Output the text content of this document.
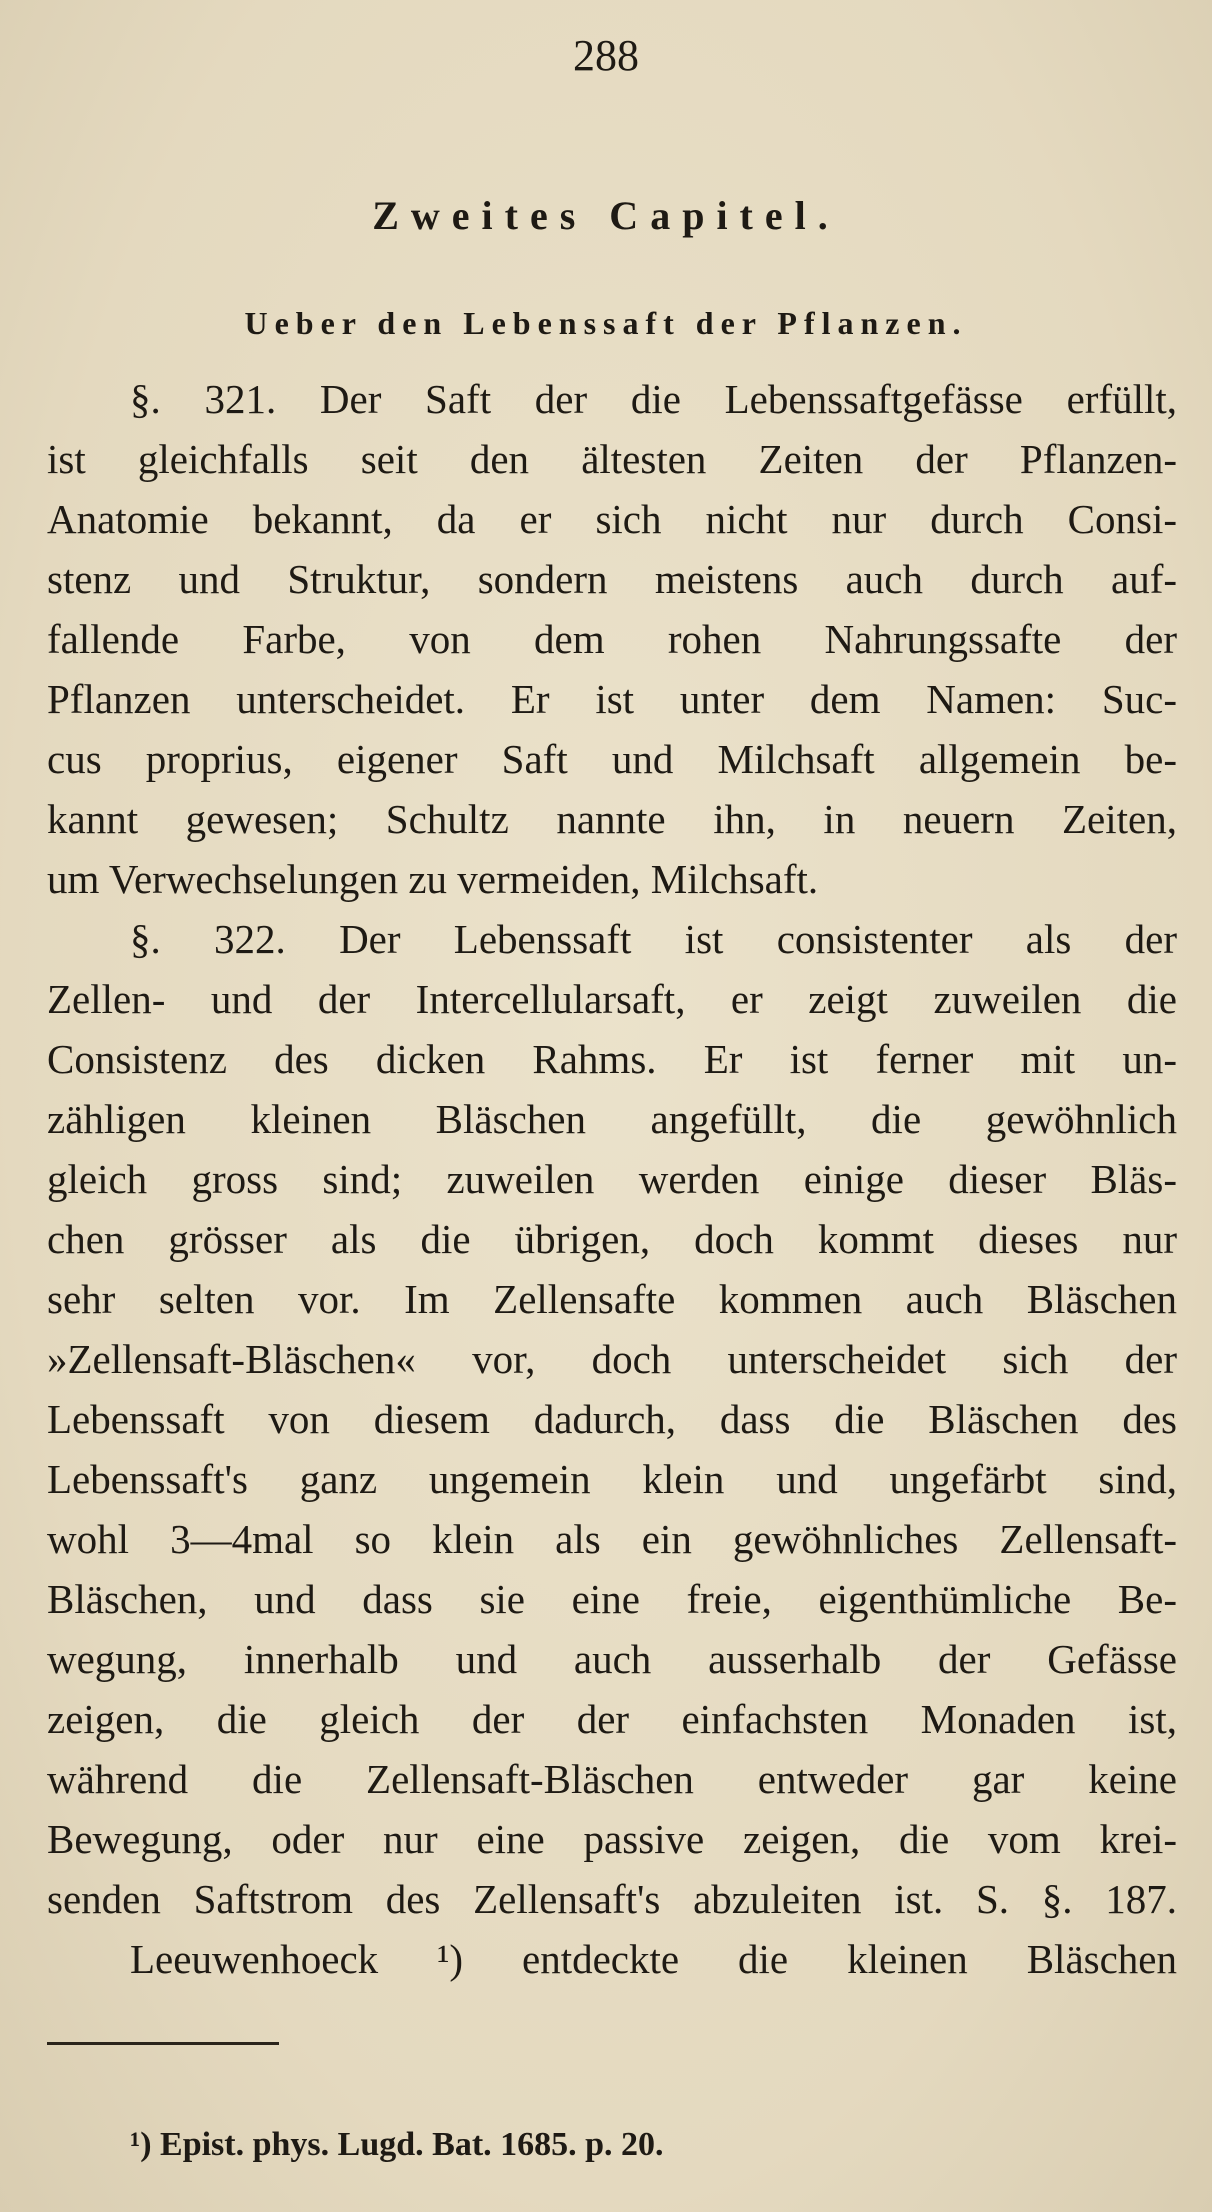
288
Zweites Capitel.
Ueber den Lebenssaft der Pflanzen.
§. 321. Der Saft der die Lebenssaftgefässe erfüllt,
ist gleichfalls seit den ältesten Zeiten der Pflanzen-
Anatomie bekannt, da er sich nicht nur durch Consi-
stenz und Struktur, sondern meistens auch durch auf-
fallende Farbe, von dem rohen Nahrungssafte der
Pflanzen unterscheidet. Er ist unter dem Namen: Suc-
cus proprius, eigener Saft und Milchsaft allgemein be-
kannt gewesen; Schultz nannte ihn, in neuern Zeiten,
um Verwechselungen zu vermeiden, Milchsaft.
§. 322. Der Lebenssaft ist consistenter als der
Zellen- und der Intercellularsaft, er zeigt zuweilen die
Consistenz des dicken Rahms. Er ist ferner mit un-
zähligen kleinen Bläschen angefüllt, die gewöhnlich
gleich gross sind; zuweilen werden einige dieser Bläs-
chen grösser als die übrigen, doch kommt dieses nur
sehr selten vor. Im Zellensafte kommen auch Bläschen
»Zellensaft-Bläschen« vor, doch unterscheidet sich der
Lebenssaft von diesem dadurch, dass die Bläschen des
Lebenssaft's ganz ungemein klein und ungefärbt sind,
wohl 3—4mal so klein als ein gewöhnliches Zellensaft-
Bläschen, und dass sie eine freie, eigenthümliche Be-
wegung, innerhalb und auch ausserhalb der Gefässe
zeigen, die gleich der der einfachsten Monaden ist,
während die Zellensaft-Bläschen entweder gar keine
Bewegung, oder nur eine passive zeigen, die vom krei-
senden Saftstrom des Zellensaft's abzuleiten ist. S. §. 187.
Leeuwenhoeck ¹) entdeckte die kleinen Bläschen
¹) Epist. phys. Lugd. Bat. 1685. p. 20.
